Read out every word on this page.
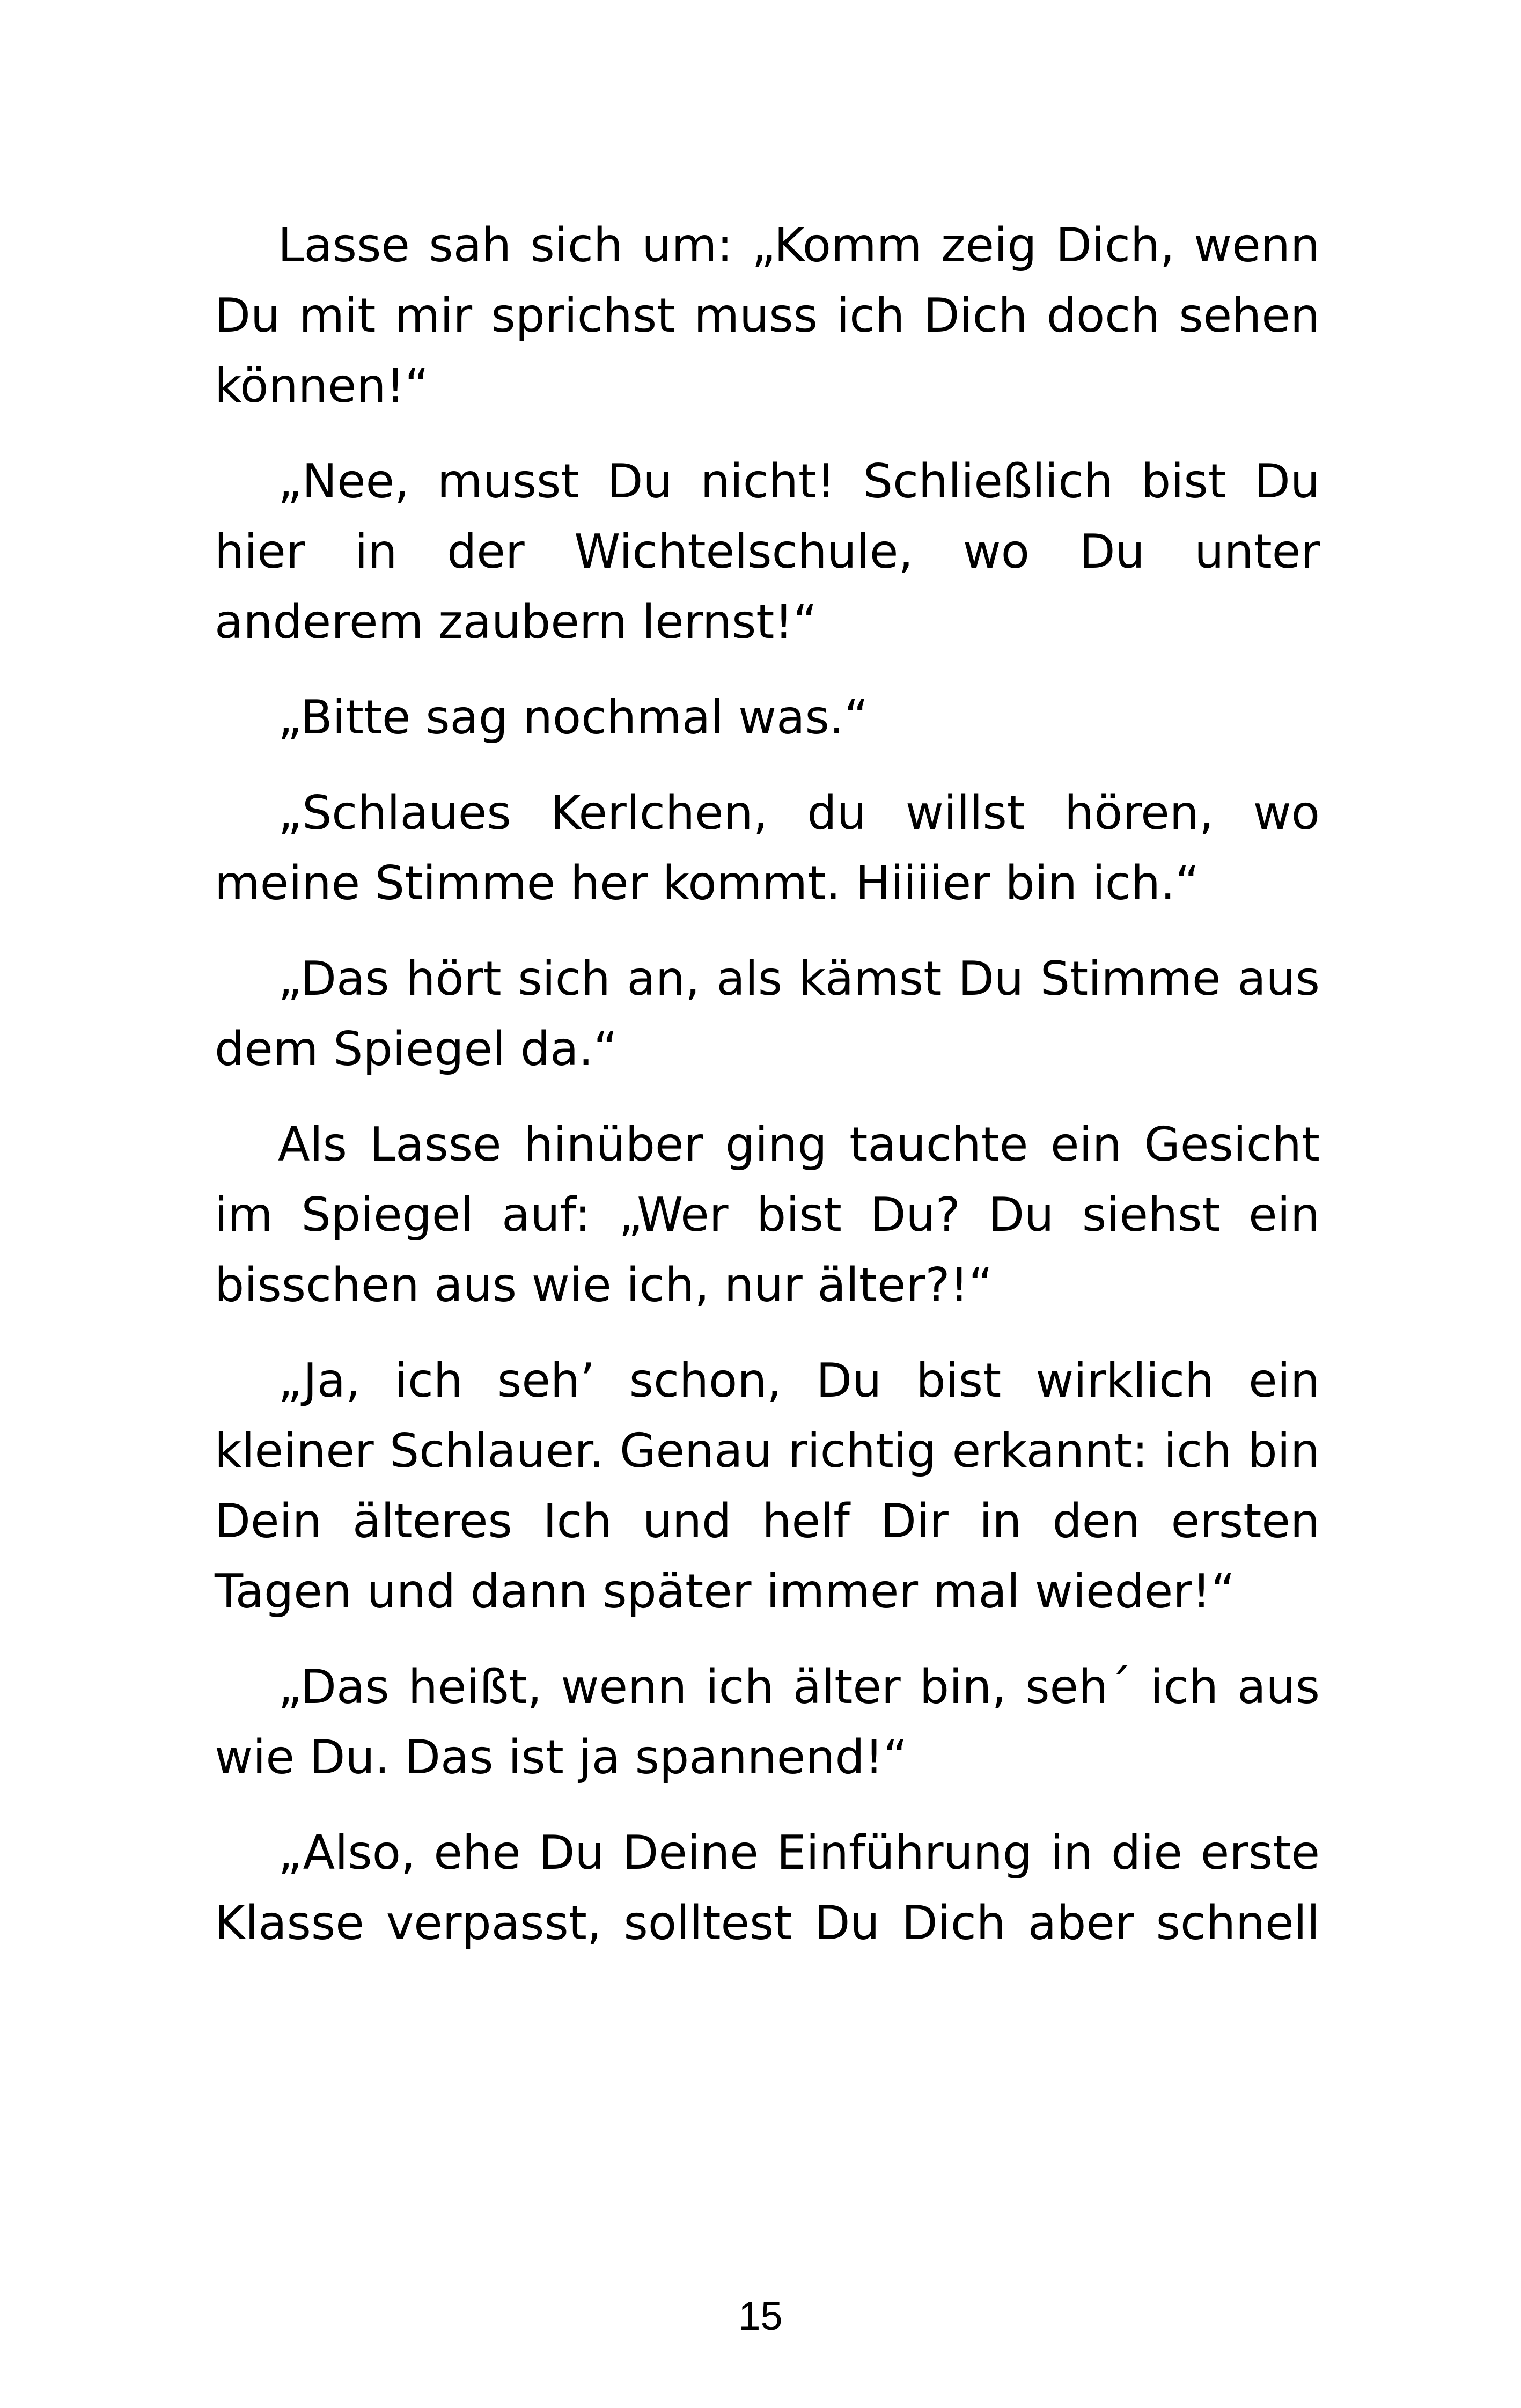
Lasse sah sich um: „Komm zeig Dich, wenn Du mit mir sprichst muss ich Dich doch sehen können!“

„Nee, musst Du nicht! Schließlich bist Du hier in der Wichtelschule, wo Du unter anderem zaubern lernst!“

„Bitte sag nochmal was.“

„Schlaues Kerlchen, du willst hören, wo meine Stimme her kommt. Hiiiier bin ich.“

„Das hört sich an, als kämst Du Stimme aus dem Spiegel da.“

Als Lasse hinüber ging tauchte ein Gesicht im Spiegel auf: „Wer bist Du? Du siehst ein bisschen aus wie ich, nur älter?!“

„Ja, ich seh’ schon, Du bist wirklich ein kleiner Schlauer. Genau richtig erkannt: ich bin Dein älteres Ich und helf Dir in den ersten Tagen und dann später immer mal wieder!“

„Das heißt, wenn ich älter bin, seh´ ich aus wie Du. Das ist ja spannend!“

„Also, ehe Du Deine Einführung in die erste Klasse verpasst, solltest Du Dich aber schnell

15
